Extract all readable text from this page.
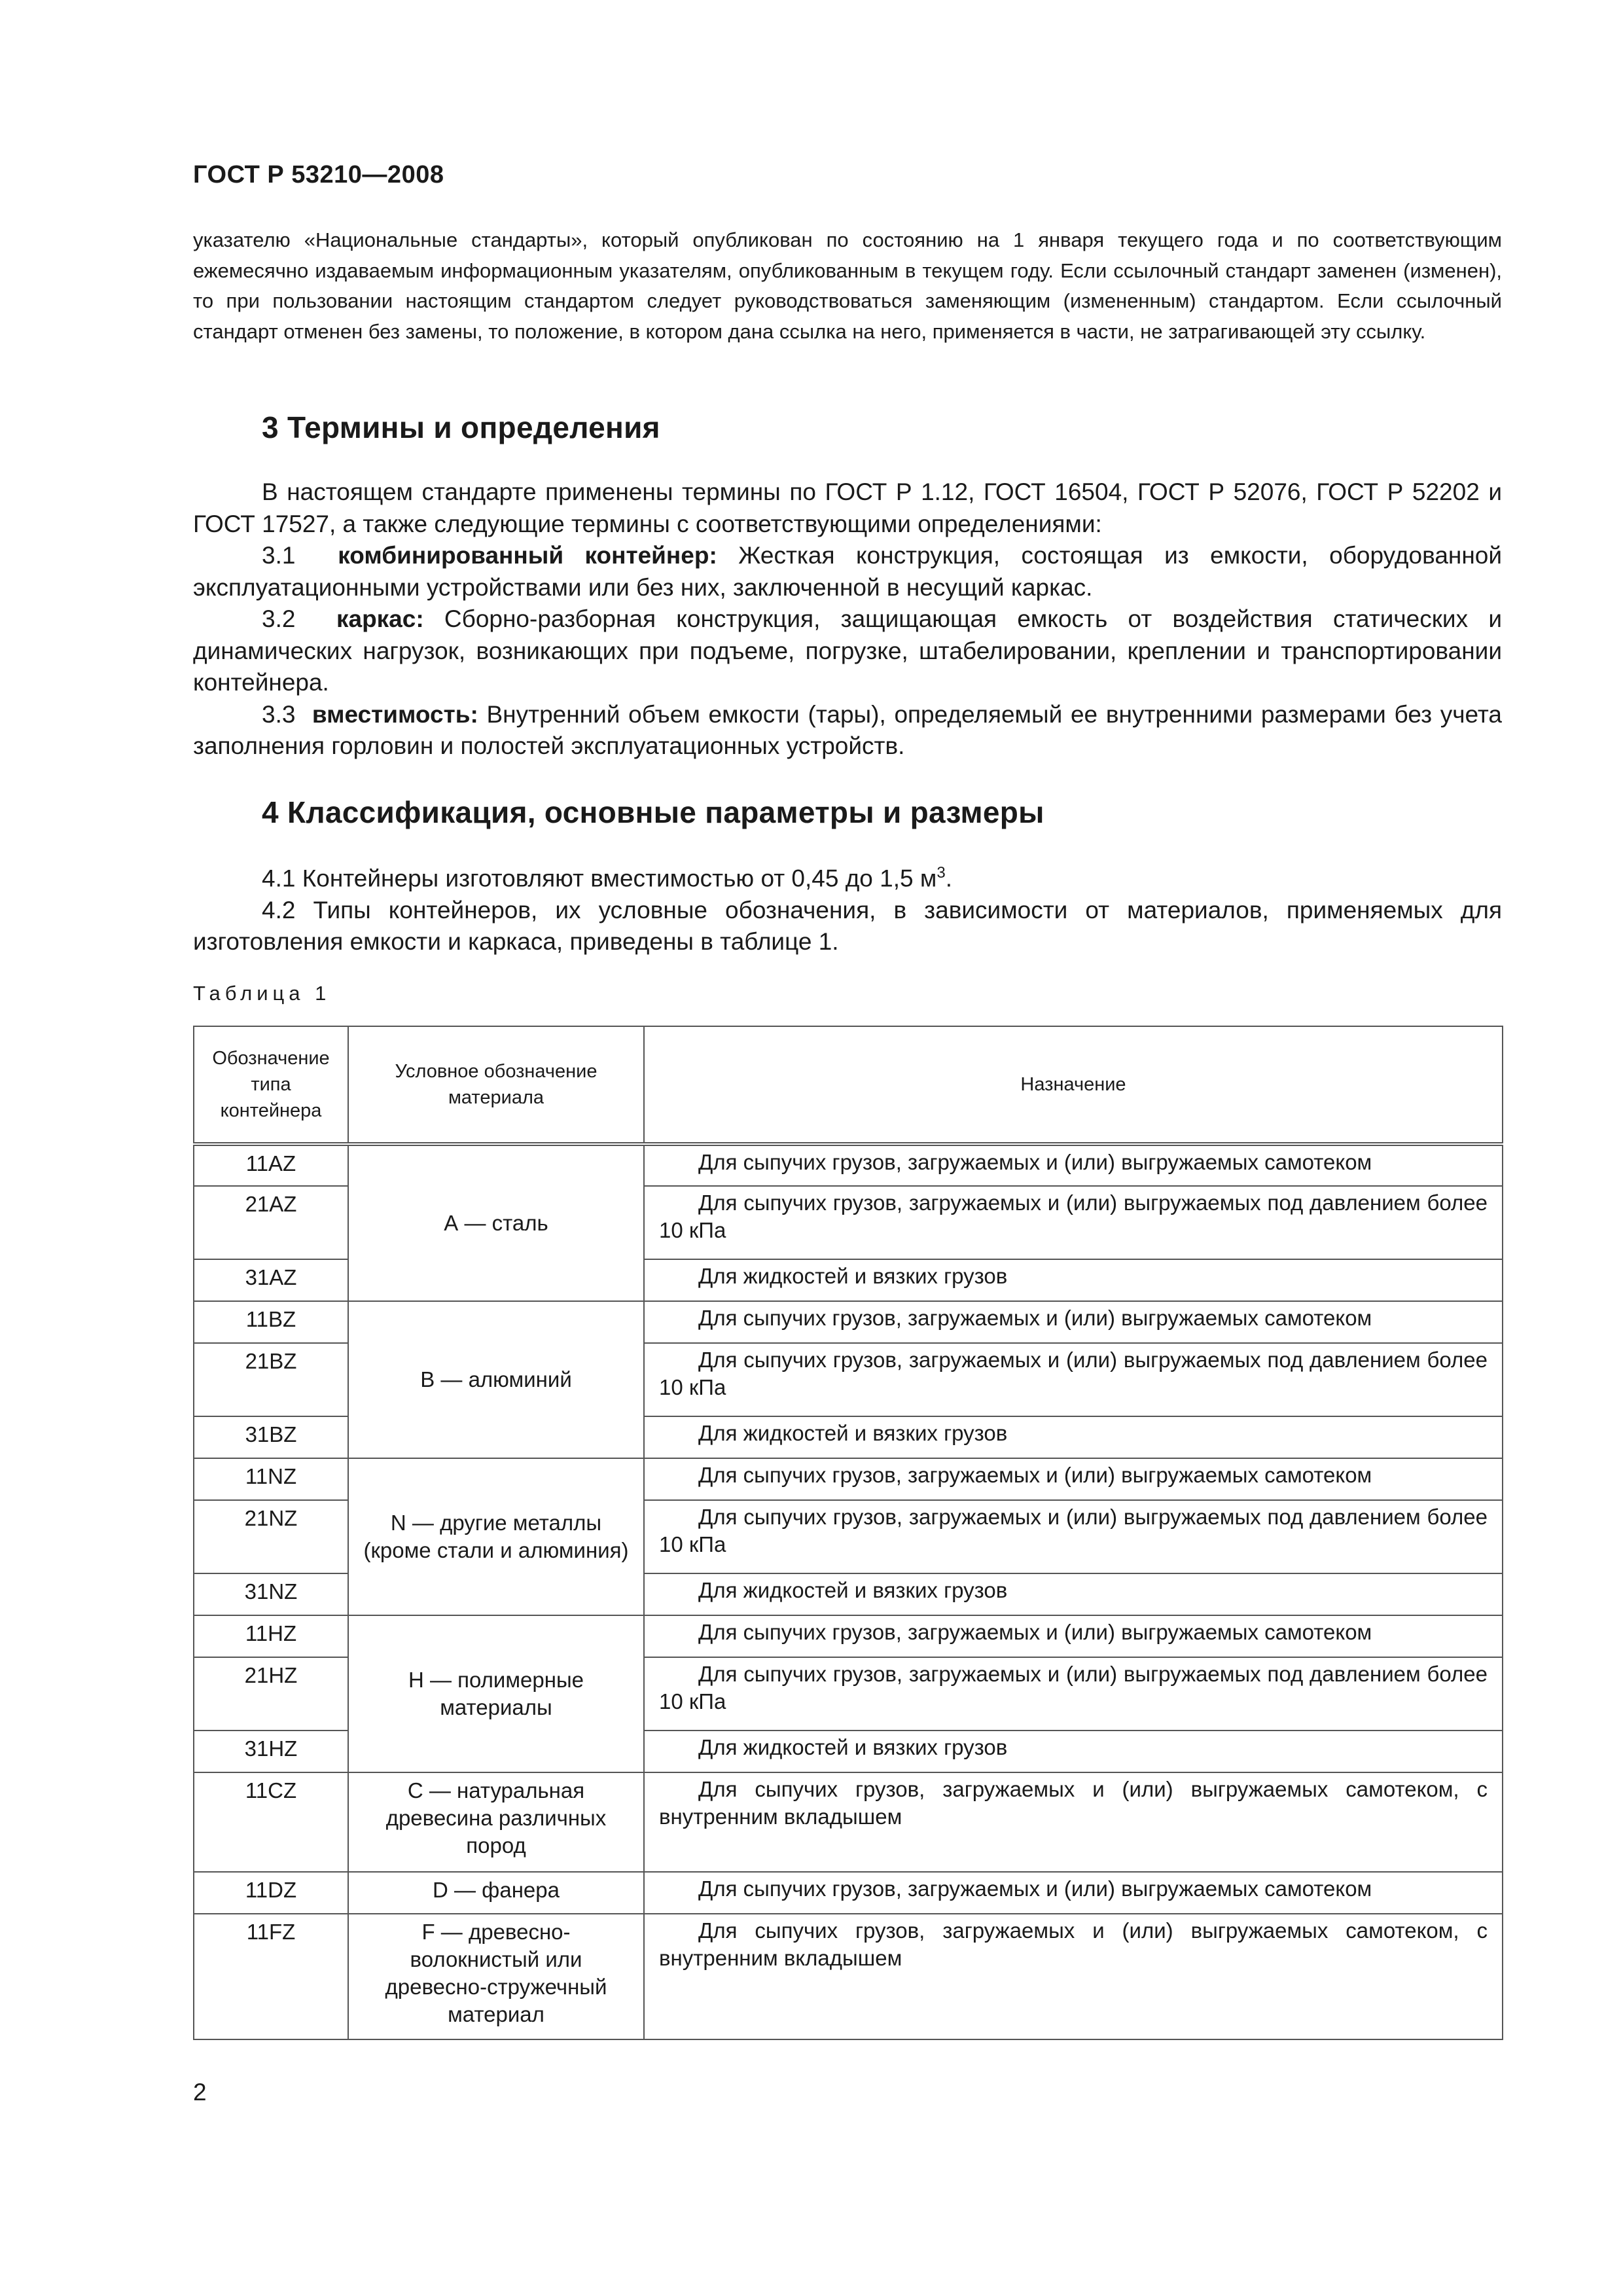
ГОСТ Р 53210—2008
указателю «Национальные стандарты», который опубликован по состоянию на 1 января текущего года и по соответствующим ежемесячно издаваемым информационным указателям, опубликованным в текущем году. Если ссылочный стандарт заменен (изменен), то при пользовании настоящим стандартом следует руководствоваться заменяющим (измененным) стандартом. Если ссылочный стандарт отменен без замены, то положение, в котором дана ссылка на него, применяется в части, не затрагивающей эту ссылку.
3 Термины и определения

В настоящем стандарте применены термины по ГОСТ Р 1.12, ГОСТ 16504, ГОСТ Р 52076, ГОСТ Р 52202 и ГОСТ 17527, а также следующие термины с соответствующими определениями:

3.1 комбинированный контейнер: Жесткая конструкция, состоящая из емкости, оборудованной эксплуатационными устройствами или без них, заключенной в несущий каркас.

3.2 каркас: Сборно-разборная конструкция, защищающая емкость от воздействия статических и динамических нагрузок, возникающих при подъеме, погрузке, штабелировании, креплении и транспортировании контейнера.

3.3 вместимость: Внутренний объем емкости (тары), определяемый ее внутренними размерами без учета заполнения горловин и полостей эксплуатационных устройств.

4 Классификация, основные параметры и размеры

4.1 Контейнеры изготовляют вместимостью от 0,45 до 1,5 $м^3$.

4.2 Типы контейнеров, их условные обозначения, в зависимости от материалов, применяемых для изготовления емкости и каркаса, приведены в таблице 1.

Таблица 1
Обозначение типа контейнера	Условное обозначение материала	Назначение
11AZ	А — сталь	Для сыпучих грузов, загружаемых и (или) выгружаемых самотеком

21AZ		Для сыпучих грузов, загружаемых и (или) выгружаемых под давлением более 10 кПа

31AZ		Для жидкостей и вязких грузов

11BZ	В — алюминий	Для сыпучих грузов, загружаемых и (или) выгружаемых самотеком

21BZ		Для сыпучих грузов, загружаемых и (или) выгружаемых под давлением более 10 кПа

31BZ		Для жидкостей и вязких грузов

11NZ	N — другие металлы (кроме стали и алюминия)	Для сыпучих грузов, загружаемых и (или) выгружаемых самотеком

21NZ		Для сыпучих грузов, загружаемых и (или) выгружаемых под давлением более 10 кПа

31NZ		Для жидкостей и вязких грузов

11HZ	Н — полимерные материалы	Для сыпучих грузов, загружаемых и (или) выгружаемых самотеком

21HZ		Для сыпучих грузов, загружаемых и (или) выгружаемых под давлением более 10 кПа

31HZ		Для жидкостей и вязких грузов

11CZ	С — натуральная древесина различных пород	Для сыпучих грузов, загружаемых и (или) выгружаемых самотеком, с внутренним вкладышем

11DZ	D — фанера	Для сыпучих грузов, загружаемых и (или) выгружаемых самотеком

11FZ	F — древесно-волокнистый или древесно-стружечный материал	Для сыпучих грузов, загружаемых и (или) выгружаемых самотеком, с внутренним вкладышем
2
